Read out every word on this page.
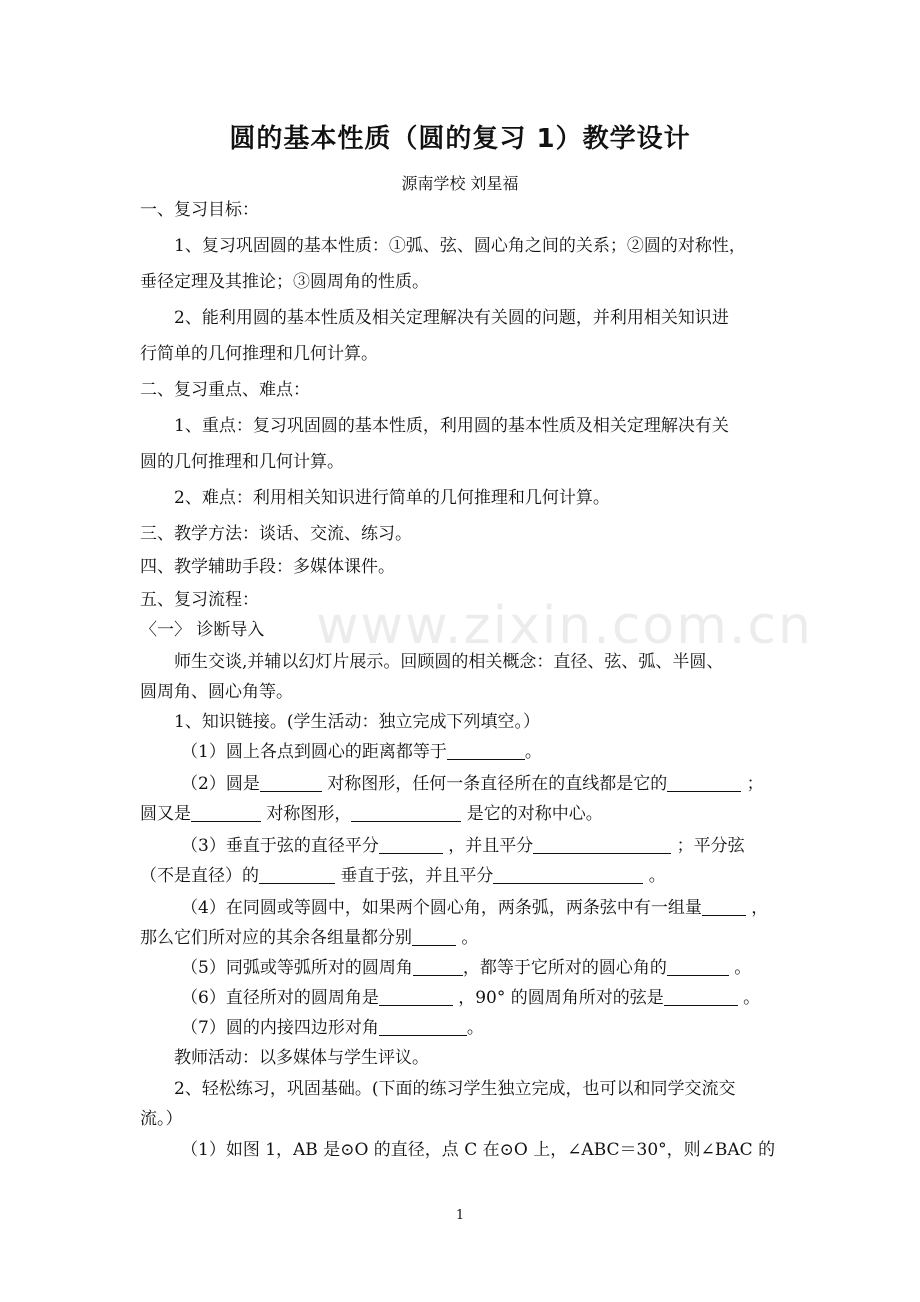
圆的基本性质（圆的复习 1）教学设计
源南学校 刘星福
www.zixin.com.cn
一、复习目标：
1、复习巩固圆的基本性质：①弧、弦、圆心角之间的关系；②圆的对称性，
垂径定理及其推论；③圆周角的性质。
2、能利用圆的基本性质及相关定理解决有关圆的问题，并利用相关知识进
行简单的几何推理和几何计算。
二、复习重点、难点：
1、重点：复习巩固圆的基本性质，利用圆的基本性质及相关定理解决有关
圆的几何推理和几何计算。
2、难点：利用相关知识进行简单的几何推理和几何计算。
三、教学方法：谈话、交流、练习。
四、教学辅助手段：多媒体课件。
五、复习流程：
〈一〉 诊断导入
师生交谈,并辅以幻灯片展示。回顾圆的相关概念：直径、弦、弧、半圆、
圆周角、圆心角等。
1、知识链接。(学生活动：独立完成下列填空。）
（1）圆上各点到圆心的距离都等于	。
（2）圆是	对称图形，任何一条直径所在的直线都是它的	；
圆又是	对称图形，	是它的对称中心。
（3）垂直于弦的直径平分	，并且平分	；平分弦
（不是直径）的	垂直于弦，并且平分	。
（4）在同圆或等圆中，如果两个圆心角，两条弧，两条弦中有一组量	，
那么它们所对应的其余各组量都分别	。
（5）同弧或等弧所对的圆周角	，都等于它所对的圆心角的	。
（6）直径所对的圆周角是	，90° 的圆周角所对的弦是	。
（7）圆的内接四边形对角	。
教师活动：以多媒体与学生评议。
2、轻松练习，巩固基础。(下面的练习学生独立完成，也可以和同学交流交
流。）
（1）如图 1，AB 是⊙O 的直径，点 C 在⊙O 上，∠ABC＝30°，则∠BAC 的
1
